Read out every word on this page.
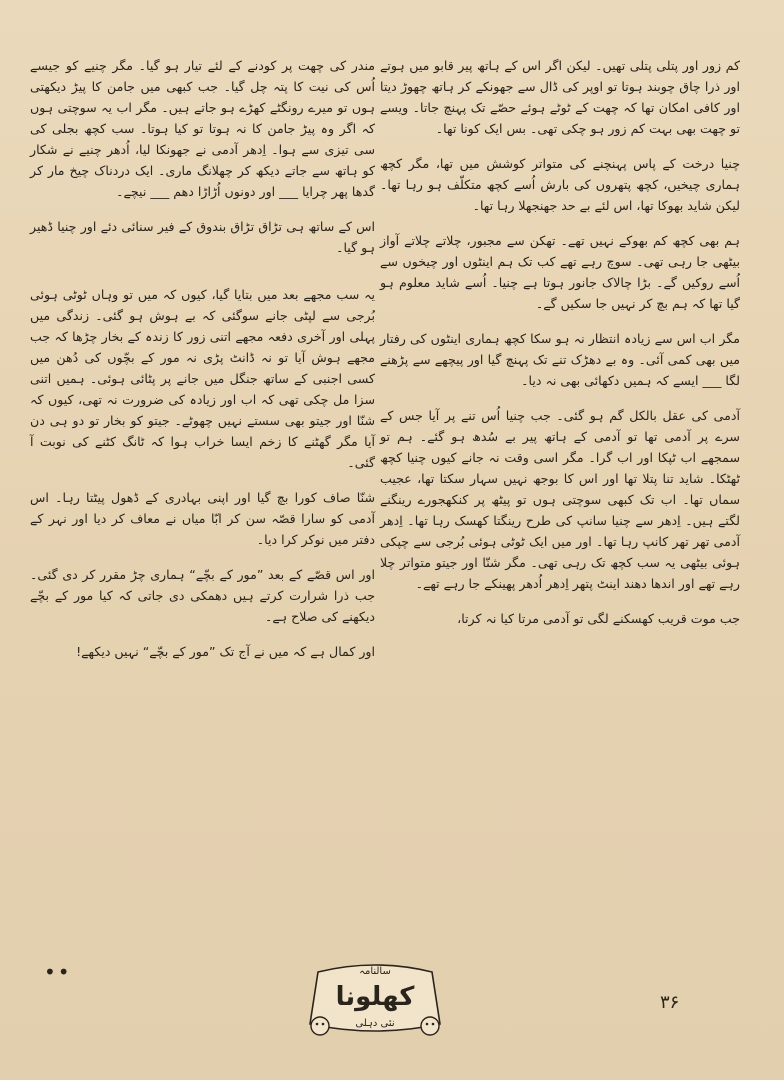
کم زور اور پتلی پتلی تھیں۔ لیکن اگر اس کے ہاتھ پیر قابو میں ہوتے اور ذرا چاق چوبند ہوتا تو اوپر کی ڈال سے جھونکے کر ہاتھ چھوڑ دیتا اور کافی امکان تھا کہ چھت کے ٹوٹے ہوئے حصّے تک پہنچ جاتا۔ ویسے تو چھت بھی بہت کم زور ہو چکی تھی۔ بس ایک کونا تھا۔

چنیا درخت کے پاس پہنچنے کی متواتر کوشش میں تھا، مگر کچھ ہماری چیخیں، کچھ پتھروں کی بارش اُسے کچھ متکلّف ہو رہا تھا۔ لیکن شاید بھوکا تھا، اس لئے بے حد جھنجھلا رہا تھا۔

ہم بھی کچھ کم بھوکے نہیں تھے۔ تھکن سے مجبور، چلاتے چلاتے آواز بیٹھی جا رہی تھی۔ سوچ رہے تھے کب تک ہم اینٹوں اور چیخوں سے اُسے روکیں گے۔ بڑا چالاک جانور ہوتا ہے چنیا۔ اُسے شاید معلوم ہو گیا تھا کہ ہم بچ کر نہیں جا سکیں گے۔

مگر اب اس سے زیادہ انتظار نہ ہو سکا کچھ ہماری اینٹوں کی رفتار میں بھی کمی آئی۔ وہ بے دھڑک تنے تک پہنچ گیا اور پیچھے سے پڑھنے لگا ___ ایسے کہ ہمیں دکھائی بھی نہ دیا۔

آدمی کی عقل بالکل گم ہو گئی۔ جب چنیا اُس تنے پر آیا جس کے سرے پر آدمی تھا تو آدمی کے ہاتھ پیر بے سُدھ ہو گئے۔ ہم تو سمجھے اب ٹپکا اور اب گرا۔ مگر اسی وقت نہ جانے کیوں چنیا کچھ ٹھٹکا۔ شاید تنا پتلا تھا اور اس کا بوجھ نہیں سہار سکتا تھا، عجیب سماں تھا۔ اب تک کبھی سوچتی ہوں تو پیٹھ پر کنکھجورے رینگنے لگتے ہیں۔ اِدھر سے چنیا سانپ کی طرح رینگتا کھسک رہا تھا۔ اِدھر آدمی تھر تھر کانپ رہا تھا۔ اور میں ایک ٹوٹی ہوئی بُرجی سے چپکی ہوئی بیٹھی یہ سب کچھ تک رہی تھی۔ مگر شنّا اور جیتو متواتر چلا رہے تھے اور اندھا دھند اینٹ پتھر اِدھر اُدھر پھینکے جا رہے تھے۔

جب موت قریب کھسکنے لگی تو آدمی مرتا کیا نہ کرتا،

مندر کی چھت پر کودنے کے لئے تیار ہو گیا۔ مگر چنیے کو جیسے اُس کی نیت کا پتہ چل گیا۔ جب کبھی میں جامن کا پیڑ دیکھتی ہوں تو میرے رونگٹے کھڑے ہو جاتے ہیں۔ مگر اب یہ سوچتی ہوں کہ اگر وہ پیڑ جامن کا نہ ہوتا تو کیا ہوتا۔ سب کچھ بجلی کی سی تیزی سے ہوا۔ اِدھر آدمی نے جھونکا لیا، اُدھر چنیے نے شکار کو ہاتھ سے جاتے دیکھ کر چھلانگ ماری۔ ایک دردناک چیخ مار کر گدھا پھر چرایا ___ اور دونوں اُڑاڑا دھم ___ نیچے۔

اس کے ساتھ ہی تڑاق تڑاق بندوق کے فیر سنائی دئے اور چنیا ڈھیر ہو گیا۔

یہ سب مجھے بعد میں بتایا گیا، کیوں کہ میں تو وہاں ٹوٹی ہوئی بُرجی سے لپٹی جانے سوگئی کہ بے ہوش ہو گئی۔ زندگی میں پہلی اور آخری دفعہ مجھے اتنی زور کا زندہ کے بخار چڑھا کہ جب مجھے ہوش آیا تو نہ ڈانٹ پڑی نہ مور کے بچّوں کی دُھن میں کسی اجنبی کے ساتھ جنگل میں جانے پر پٹائی ہوئی۔ ہمیں اتنی سزا مل چکی تھی کہ اب اور زیادہ کی ضرورت نہ تھی، کیوں کہ شنّا اور جیتو بھی سستے نہیں چھوٹے۔ جیتو کو بخار تو دو ہی دن آیا مگر گھٹنے کا زخم ایسا خراب ہوا کہ ٹانگ کٹنے کی نوبت آ گئی۔

شنّا صاف کورا بچ گیا اور اپنی بہادری کے ڈھول پیٹتا رہا۔ اس آدمی کو سارا قصّہ سن کر ابّا میاں نے معاف کر دیا اور نہر کے دفتر میں نوکر کرا دیا۔

اور اس قصّے کے بعد ”مور کے بچّے“ ہماری چڑ مقرر کر دی گئی۔ جب ذرا شرارت کرتے ہیں دھمکی دی جاتی کہ کیا مور کے بچّے دیکھنے کی صلاح ہے۔

اور کمال ہے کہ میں نے آج تک ”مور کے بچّے“ نہیں دیکھے!

••	سالنامہ
کھلونا
نئی دہلی
۳۶
